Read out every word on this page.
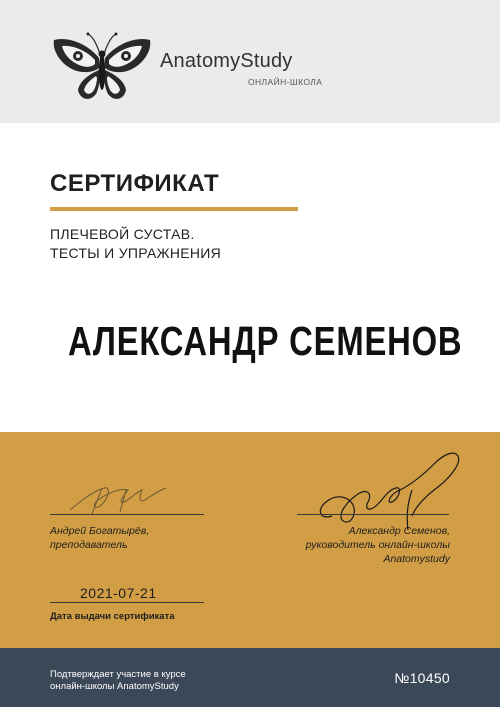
AnatomyStudy
ОНЛАЙН-ШКОЛА
СЕРТИФИКАТ
ПЛЕЧЕВОЙ СУСТАВ.
ТЕСТЫ И УПРАЖНЕНИЯ
АЛЕКСАНДР СЕМЕНОВ
Андрей Богатырёв,
преподаватель
Александр Семенов,
руководитель онлайн-школы
Anatomystudy
2021-07-21
Дата выдачи сертификата
Подтверждает участие в курсе
онлайн-школы AnatomyStudy
№10450
